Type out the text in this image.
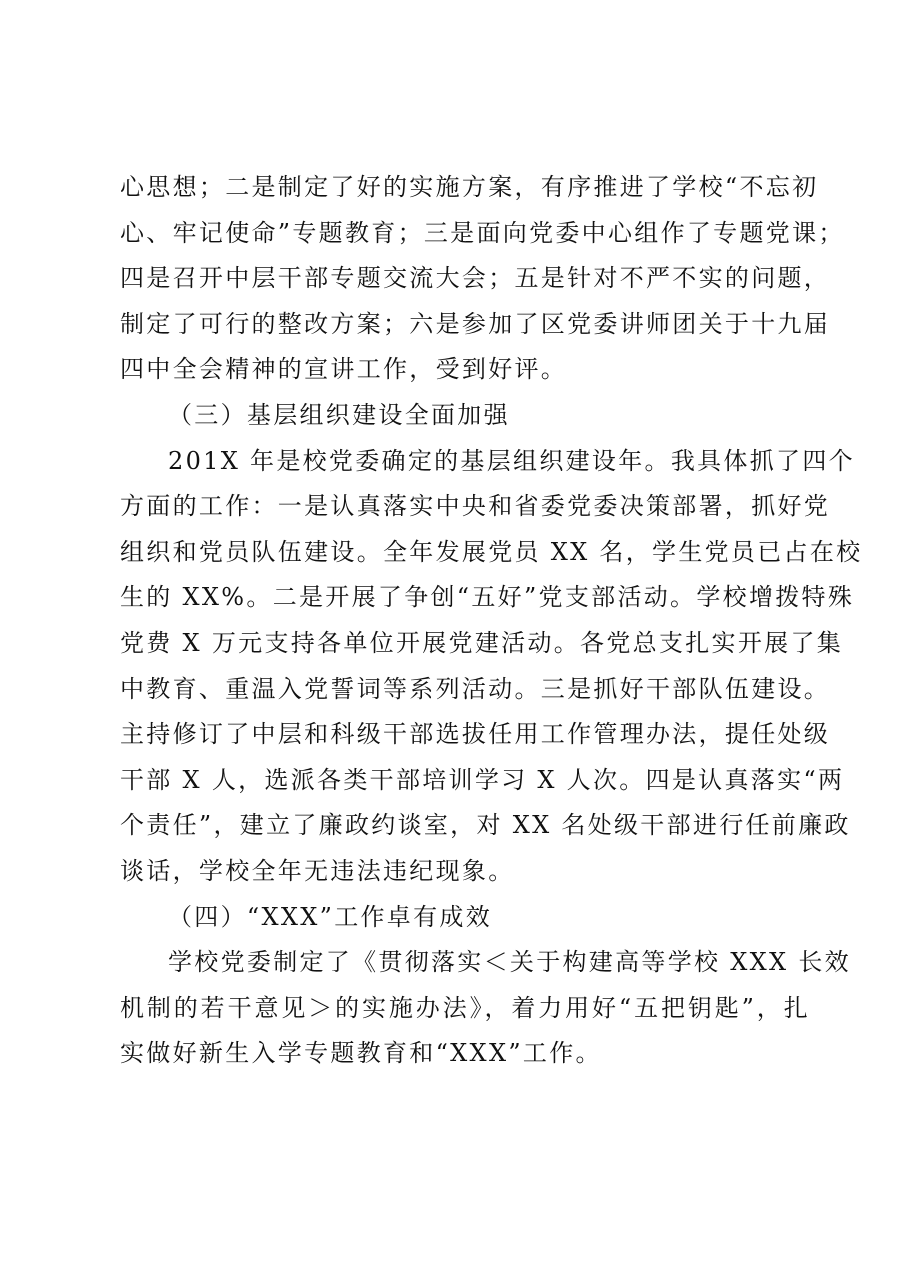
心思想；二是制定了好的实施方案，有序推进了学校“不忘初
心、牢记使命”专题教育；三是面向党委中心组作了专题党课；
四是召开中层干部专题交流大会；五是针对不严不实的问题，
制定了可行的整改方案；六是参加了区党委讲师团关于十九届
四中全会精神的宣讲工作，受到好评。

（三）基层组织建设全面加强

201X 年是校党委确定的基层组织建设年。我具体抓了四个
方面的工作：一是认真落实中央和省委党委决策部署，抓好党
组织和党员队伍建设。全年发展党员 XX 名，学生党员已占在校
生的 XX%。二是开展了争创“五好”党支部活动。学校增拨特殊
党费 X 万元支持各单位开展党建活动。各党总支扎实开展了集
中教育、重温入党誓词等系列活动。三是抓好干部队伍建设。
主持修订了中层和科级干部选拔任用工作管理办法，提任处级
干部 X 人，选派各类干部培训学习 X 人次。四是认真落实“两
个责任”，建立了廉政约谈室，对 XX 名处级干部进行任前廉政
谈话，学校全年无违法违纪现象。

（四）“XXX”工作卓有成效

学校党委制定了《贯彻落实＜关于构建高等学校 XXX 长效
机制的若干意见＞的实施办法》，着力用好“五把钥匙”，扎
实做好新生入学专题教育和“XXX”工作。
